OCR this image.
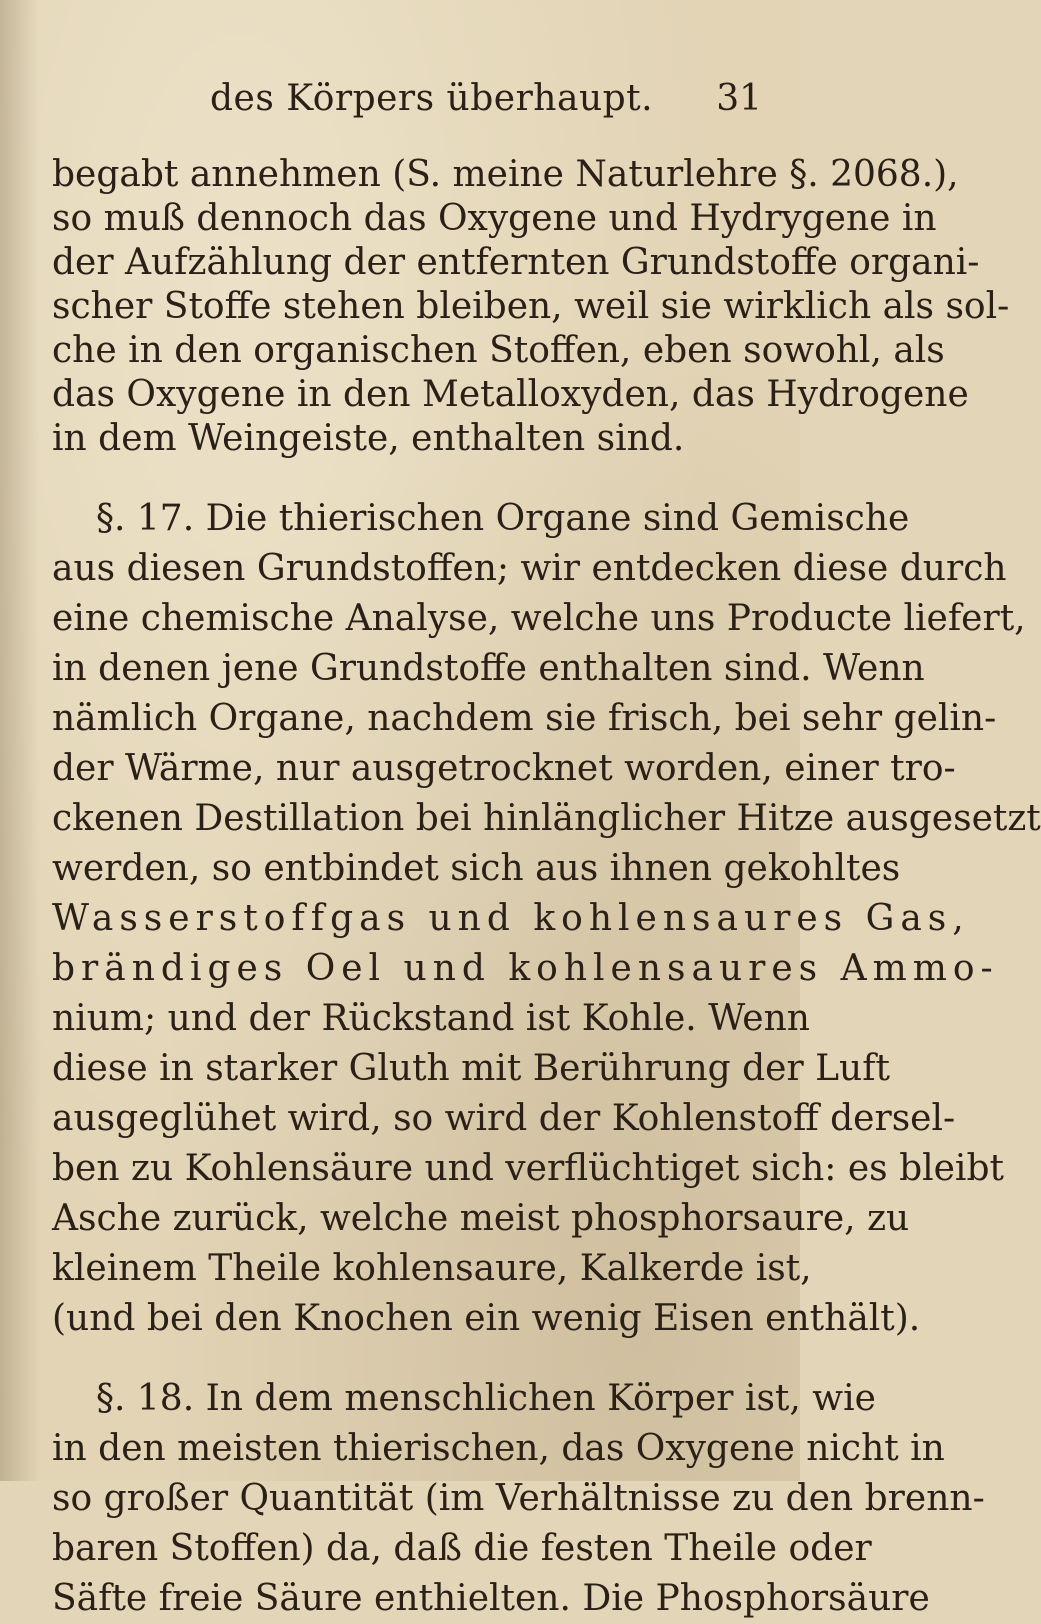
des Körpers überhaupt. 31
begabt annehmen (S. meine Naturlehre §. 2068.),
so muß dennoch das Oxygene und Hydrygene in
der Aufzählung der entfernten Grundstoffe organi-
scher Stoffe stehen bleiben, weil sie wirklich als sol-
che in den organischen Stoffen, eben sowohl, als
das Oxygene in den Metalloxyden, das Hydrogene
in dem Weingeiste, enthalten sind.
§. 17. Die thierischen Organe sind Gemische
aus diesen Grundstoffen; wir entdecken diese durch
eine chemische Analyse, welche uns Producte liefert,
in denen jene Grundstoffe enthalten sind. Wenn
nämlich Organe, nachdem sie frisch, bei sehr gelin-
der Wärme, nur ausgetrocknet worden, einer tro-
ckenen Destillation bei hinlänglicher Hitze ausgesetzt
werden, so entbindet sich aus ihnen gekohltes
Wasserstoffgas und kohlensaures Gas,
brändiges Oel und kohlensaures Ammo-
nium; und der Rückstand ist Kohle. Wenn
diese in starker Gluth mit Berührung der Luft
ausgeglühet wird, so wird der Kohlenstoff dersel-
ben zu Kohlensäure und verflüchtiget sich: es bleibt
Asche zurück, welche meist phosphorsaure, zu
kleinem Theile kohlensaure, Kalkerde ist,
(und bei den Knochen ein wenig Eisen enthält).
§. 18. In dem menschlichen Körper ist, wie
in den meisten thierischen, das Oxygene nicht in
so großer Quantität (im Verhältnisse zu den brenn-
baren Stoffen) da, daß die festen Theile oder
Säfte freie Säure enthielten. Die Phosphorsäure
